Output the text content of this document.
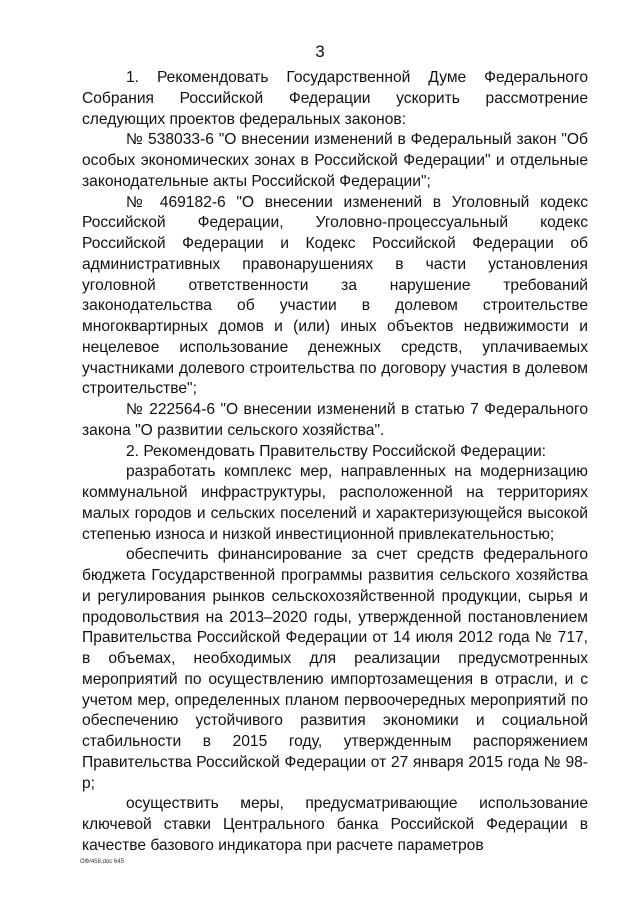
3

1. Рекомендовать Государственной Думе Федерального Собрания Российской Федерации ускорить рассмотрение следующих проектов федеральных законов:

№ 538033-6 "О внесении изменений в Федеральный закон "Об особых экономических зонах в Российской Федерации" и отдельные законодательные акты Российской Федерации";

№ 469182-6 "О внесении изменений в Уголовный кодекс Российской Федерации, Уголовно-процессуальный кодекс Российской Федерации и Кодекс Российской Федерации об административных правонарушениях в части установления уголовной ответственности за нарушение требований законодательства об участии в долевом строительстве многоквартирных домов и (или) иных объектов недвижимости и нецелевое использование денежных средств, уплачиваемых участниками долевого строительства по договору участия в долевом строительстве";

№ 222564-6 "О внесении изменений в статью 7 Федерального закона "О развитии сельского хозяйства".

2. Рекомендовать Правительству Российской Федерации:

разработать комплекс мер, направленных на модернизацию коммунальной инфраструктуры, расположенной на территориях малых городов и сельских поселений и характеризующейся высокой степенью износа и низкой инвестиционной привлекательностью;

обеспечить финансирование за счет средств федерального бюджета Государственной программы развития сельского хозяйства и регулирования рынков сельскохозяйственной продукции, сырья и продовольствия на 2013–2020 годы, утвержденной постановлением Правительства Российской Федерации от 14 июля 2012 года № 717, в объемах, необходимых для реализации предусмотренных мероприятий по осуществлению импортозамещения в отрасли, и с учетом мер, определенных планом первоочередных мероприятий по обеспечению устойчивого развития экономики и социальной стабильности в 2015 году, утвержденным распоряжением Правительства Российской Федерации от 27 января 2015 года № 98-р;

осуществить меры, предусматривающие использование ключевой ставки Центрального банка Российской Федерации в качестве базового индикатора при расчете параметров

ОФ/458.doc 645
